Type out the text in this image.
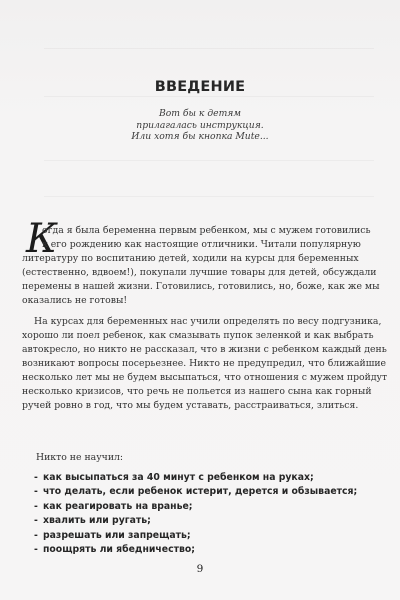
ВВЕДЕНИЕ
Вот бы к детям
прилагалась инструкция.
Или хотя бы кнопка Mute...
К
огда я была беременна первым ребенком, мы с мужем готовились
к его рождению как настоящие отличники. Читали популярную
литературу по воспитанию детей, ходили на курсы для беременных
(естественно, вдвоем!), покупали лучшие товары для детей, обсуждали
перемены в нашей жизни. Готовились, готовились, но, боже, как же мы
оказались не готовы!
На курсах для беременных нас учили определять по весу подгузника,
хорошо ли поел ребенок, как смазывать пупок зеленкой и как выбрать
автокресло, но никто не рассказал, что в жизни с ребенком каждый день
возникают вопросы посерьезнее. Никто не предупредил, что ближайшие
несколько лет мы не будем высыпаться, что отношения с мужем пройдут
несколько кризисов, что речь не польется из нашего сына как горный
ручей ровно в год, что мы будем уставать, расстраиваться, злиться.
Никто не научил:
- как высыпаться за 40 минут с ребенком на руках;
- что делать, если ребенок истерит, дерется и обзывается;
- как реагировать на вранье;
- хвалить или ругать;
- разрешать или запрещать;
- поощрять ли ябедничество;
9
